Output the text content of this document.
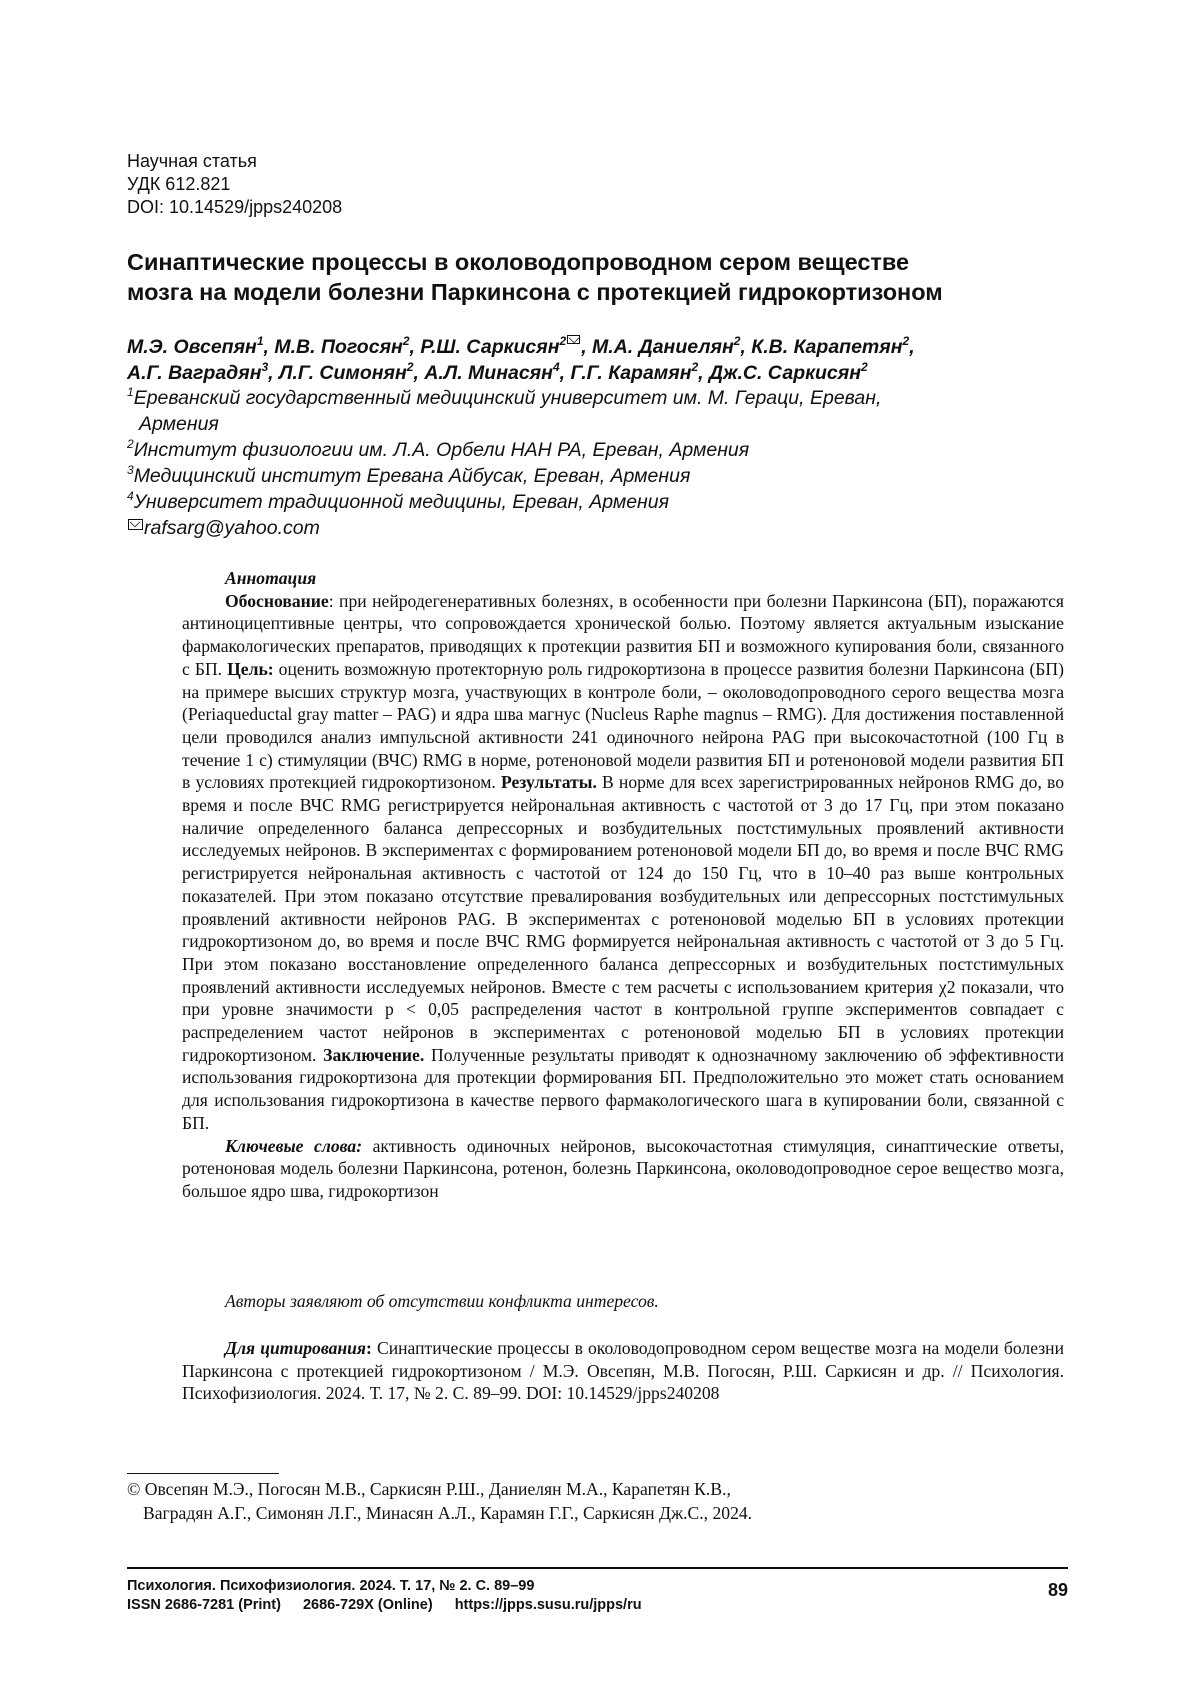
Научная статья
УДК 612.821
DOI: 10.14529/jpps240208
Синаптические процессы в околоводопроводном сером веществе
мозга на модели болезни Паркинсона с протекцией гидрокортизоном
М.Э. Овсепян$^1$, М.В. Погосян$^2$, Р.Ш. Саркисян$^2$ , М.А. Даниелян$^2$, К.В. Карапетян$^2$,
А.Г. Ваградян$^3$, Л.Г. Симонян$^2$, А.Л. Минасян$^4$, Г.Г. Карамян$^2$, Дж.С. Саркисян$^2$
$^1$Ереванский государственный медицинский университет им. М. Гераци, Ереван,
Армения
$^2$Институт физиологии им. Л.А. Орбели НАН РА, Ереван, Армения
$^3$Медицинский институт Еревана Айбусак, Ереван, Армения
$^4$Университет традиционной медицины, Ереван, Армения
rafsarg@yahoo.com

Аннотация

Обоснование: при нейродегенеративных болезнях, в особенности при болезни Паркинсона (БП), поражаются антиноцицептивные центры, что сопровождается хронической болью. Поэтому является актуальным изыскание фармакологических препаратов, приводящих к протекции развития БП и возможного купирования боли, связанного с БП. Цель: оценить возможную протекторную роль гидрокортизона в процессе развития болезни Паркинсона (БП) на примере высших структур мозга, участвующих в контроле боли, – околоводопроводного серого вещества мозга (Periaqueductal gray matter – PAG) и ядра шва магнус (Nucleus Raphe magnus – RMG). Для достижения поставленной цели проводился анализ импульсной активности 241 одиночного нейрона PAG при высокочастотной (100 Гц в течение 1 с) стимуляции (ВЧС) RMG в норме, ротеноновой модели развития БП и ротеноновой модели развития БП в условиях протекцией гидрокортизоном. Результаты. В норме для всех зарегистрированных нейронов RMG до, во время и после ВЧС RMG регистрируется нейрональная активность с частотой от 3 до 17 Гц, при этом показано наличие определенного баланса депрессорных и возбудительных постстимульных проявлений активности исследуемых нейронов. В экспериментах с формированием ротеноновой модели БП до, во время и после ВЧС RMG регистрируется нейрональная активность с частотой от 124 до 150 Гц, что в 10–40 раз выше контрольных показателей. При этом показано отсутствие превалирования возбудительных или депрессорных постстимульных проявлений активности нейронов PAG. В экспериментах с ротеноновой моделью БП в условиях протекции гидрокортизоном до, во время и после ВЧС RMG формируется нейрональная активность с частотой от 3 до 5 Гц. При этом показано восстановление определенного баланса депрессорных и возбудительных постстимульных проявлений активности исследуемых нейронов. Вместе с тем расчеты с использованием критерия χ2 показали, что при уровне значимости p < 0,05 распределения частот в контрольной группе экспериментов совпадает с распределением частот нейронов в экспериментах с ротеноновой моделью БП в условиях протекции гидрокортизоном. Заключение. Полученные результаты приводят к однозначному заключению об эффективности использования гидрокортизона для протекции формирования БП. Предположительно это может стать основанием для использования гидрокортизона в качестве первого фармакологического шага в купировании боли, связанной с БП.

Ключевые слова: активность одиночных нейронов, высокочастотная стимуляция, синаптические ответы, ротеноновая модель болезни Паркинсона, ротенон, болезнь Паркинсона, околоводопроводное серое вещество мозга, большое ядро шва, гидрокортизон

Авторы заявляют об отсутствии конфликта интересов.

Для цитирования: Синаптические процессы в околоводопроводном сером веществе мозга на модели болезни Паркинсона с протекцией гидрокортизоном / М.Э. Овсепян, М.В. Погосян, Р.Ш. Саркисян и др. // Психология. Психофизиология. 2024. Т. 17, № 2. С. 89–99. DOI: 10.14529/jpps240208

© Овсепян М.Э., Погосян М.В., Саркисян Р.Ш., Даниелян М.А., Карапетян К.В.,
Ваградян А.Г., Симонян Л.Г., Минасян А.Л., Карамян Г.Г., Саркисян Дж.С., 2024.
Психология. Психофизиология. 2024. Т. 17, № 2. С. 89–99
ISSN 2686-7281 (Print) 2686-729X (Online) https://jpps.susu.ru/jpps/ru
89
